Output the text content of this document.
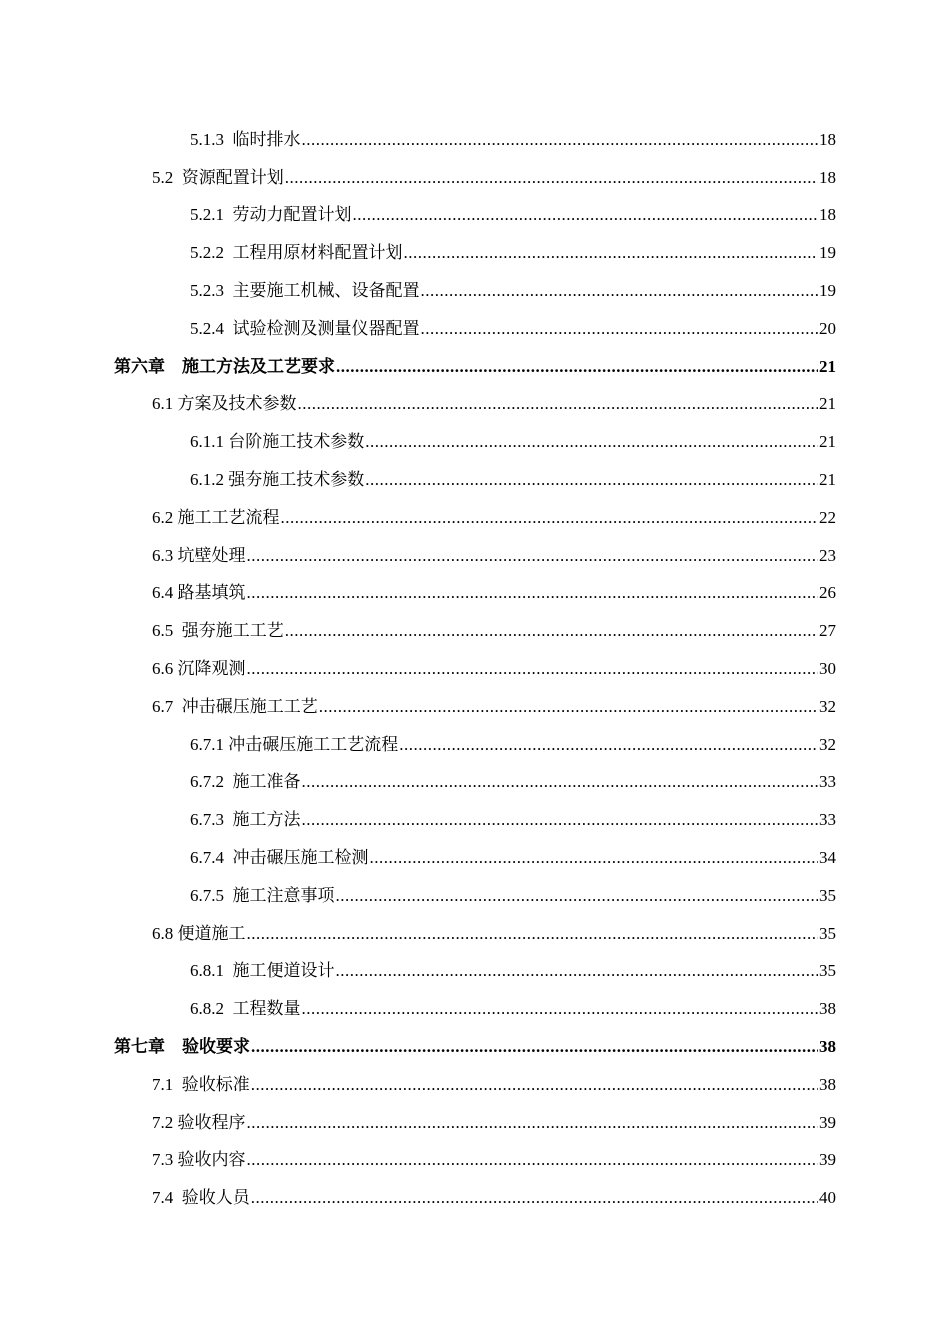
5.1.3  临时排水 .....	18
5.2  资源配置计划 .....	18
5.2.1  劳动力配置计划 .....	18
5.2.2  工程用原材料配置计划 .....	19
5.2.3  主要施工机械、设备配置 .....	19
5.2.4  试验检测及测量仪器配置 .....	20
第六章    施工方法及工艺要求 .....	21
6.1 方案及技术参数 .....	21
6.1.1 台阶施工技术参数 .....	21
6.1.2 强夯施工技术参数 .....	21
6.2 施工工艺流程 .....	22
6.3 坑壁处理 .....	23
6.4 路基填筑 .....	26
6.5  强夯施工工艺 .....	27
6.6 沉降观测 .....	30
6.7  冲击碾压施工工艺 .....	32
6.7.1 冲击碾压施工工艺流程 .....	32
6.7.2  施工准备 .....	33
6.7.3  施工方法 .....	33
6.7.4  冲击碾压施工检测 .....	34
6.7.5  施工注意事项 .....	35
6.8 便道施工 .....	35
6.8.1  施工便道设计 .....	35
6.8.2  工程数量 .....	38
第七章    验收要求 .....	38
7.1  验收标准 .....	38
7.2 验收程序 .....	39
7.3 验收内容 .....	39
7.4  验收人员 .....	40
